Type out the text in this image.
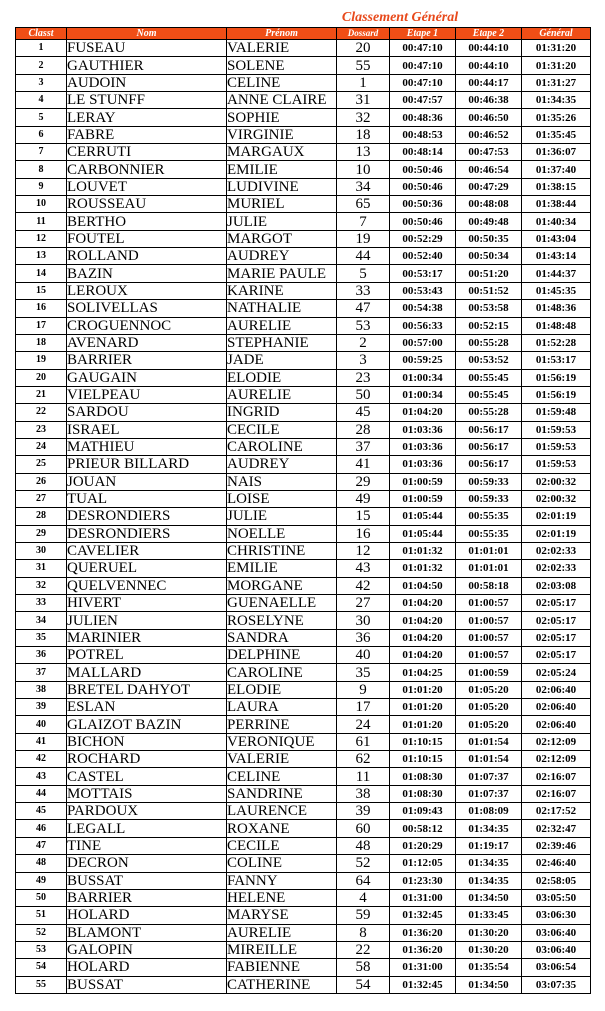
Classement Général
Classt	Nom	Prénom	Dossard	Etape 1	Etape 2	Général
1	FUSEAU	VALERIE	20	00:47:10	00:44:10	01:31:20
2	GAUTHIER	SOLENE	55	00:47:10	00:44:10	01:31:20
3	AUDOIN	CELINE	1	00:47:10	00:44:17	01:31:27
4	LE STUNFF	ANNE CLAIRE	31	00:47:57	00:46:38	01:34:35
5	LERAY	SOPHIE	32	00:48:36	00:46:50	01:35:26
6	FABRE	VIRGINIE	18	00:48:53	00:46:52	01:35:45
7	CERRUTI	MARGAUX	13	00:48:14	00:47:53	01:36:07
8	CARBONNIER	EMILIE	10	00:50:46	00:46:54	01:37:40
9	LOUVET	LUDIVINE	34	00:50:46	00:47:29	01:38:15
10	ROUSSEAU	MURIEL	65	00:50:36	00:48:08	01:38:44
11	BERTHO	JULIE	7	00:50:46	00:49:48	01:40:34
12	FOUTEL	MARGOT	19	00:52:29	00:50:35	01:43:04
13	ROLLAND	AUDREY	44	00:52:40	00:50:34	01:43:14
14	BAZIN	MARIE PAULE	5	00:53:17	00:51:20	01:44:37
15	LEROUX	KARINE	33	00:53:43	00:51:52	01:45:35
16	SOLIVELLAS	NATHALIE	47	00:54:38	00:53:58	01:48:36
17	CROGUENNOC	AURELIE	53	00:56:33	00:52:15	01:48:48
18	AVENARD	STEPHANIE	2	00:57:00	00:55:28	01:52:28
19	BARRIER	JADE	3	00:59:25	00:53:52	01:53:17
20	GAUGAIN	ELODIE	23	01:00:34	00:55:45	01:56:19
21	VIELPEAU	AURELIE	50	01:00:34	00:55:45	01:56:19
22	SARDOU	INGRID	45	01:04:20	00:55:28	01:59:48
23	ISRAEL	CECILE	28	01:03:36	00:56:17	01:59:53
24	MATHIEU	CAROLINE	37	01:03:36	00:56:17	01:59:53
25	PRIEUR BILLARD	AUDREY	41	01:03:36	00:56:17	01:59:53
26	JOUAN	NAIS	29	01:00:59	00:59:33	02:00:32
27	TUAL	LOISE	49	01:00:59	00:59:33	02:00:32
28	DESRONDIERS	JULIE	15	01:05:44	00:55:35	02:01:19
29	DESRONDIERS	NOELLE	16	01:05:44	00:55:35	02:01:19
30	CAVELIER	CHRISTINE	12	01:01:32	01:01:01	02:02:33
31	QUERUEL	EMILIE	43	01:01:32	01:01:01	02:02:33
32	QUELVENNEC	MORGANE	42	01:04:50	00:58:18	02:03:08
33	HIVERT	GUENAELLE	27	01:04:20	01:00:57	02:05:17
34	JULIEN	ROSELYNE	30	01:04:20	01:00:57	02:05:17
35	MARINIER	SANDRA	36	01:04:20	01:00:57	02:05:17
36	POTREL	DELPHINE	40	01:04:20	01:00:57	02:05:17
37	MALLARD	CAROLINE	35	01:04:25	01:00:59	02:05:24
38	BRETEL DAHYOT	ELODIE	9	01:01:20	01:05:20	02:06:40
39	ESLAN	LAURA	17	01:01:20	01:05:20	02:06:40
40	GLAIZOT BAZIN	PERRINE	24	01:01:20	01:05:20	02:06:40
41	BICHON	VERONIQUE	61	01:10:15	01:01:54	02:12:09
42	ROCHARD	VALERIE	62	01:10:15	01:01:54	02:12:09
43	CASTEL	CELINE	11	01:08:30	01:07:37	02:16:07
44	MOTTAIS	SANDRINE	38	01:08:30	01:07:37	02:16:07
45	PARDOUX	LAURENCE	39	01:09:43	01:08:09	02:17:52
46	LEGALL	ROXANE	60	00:58:12	01:34:35	02:32:47
47	TINE	CECILE	48	01:20:29	01:19:17	02:39:46
48	DECRON	COLINE	52	01:12:05	01:34:35	02:46:40
49	BUSSAT	FANNY	64	01:23:30	01:34:35	02:58:05
50	BARRIER	HELENE	4	01:31:00	01:34:50	03:05:50
51	HOLARD	MARYSE	59	01:32:45	01:33:45	03:06:30
52	BLAMONT	AURELIE	8	01:36:20	01:30:20	03:06:40
53	GALOPIN	MIREILLE	22	01:36:20	01:30:20	03:06:40
54	HOLARD	FABIENNE	58	01:31:00	01:35:54	03:06:54
55	BUSSAT	CATHERINE	54	01:32:45	01:34:50	03:07:35
